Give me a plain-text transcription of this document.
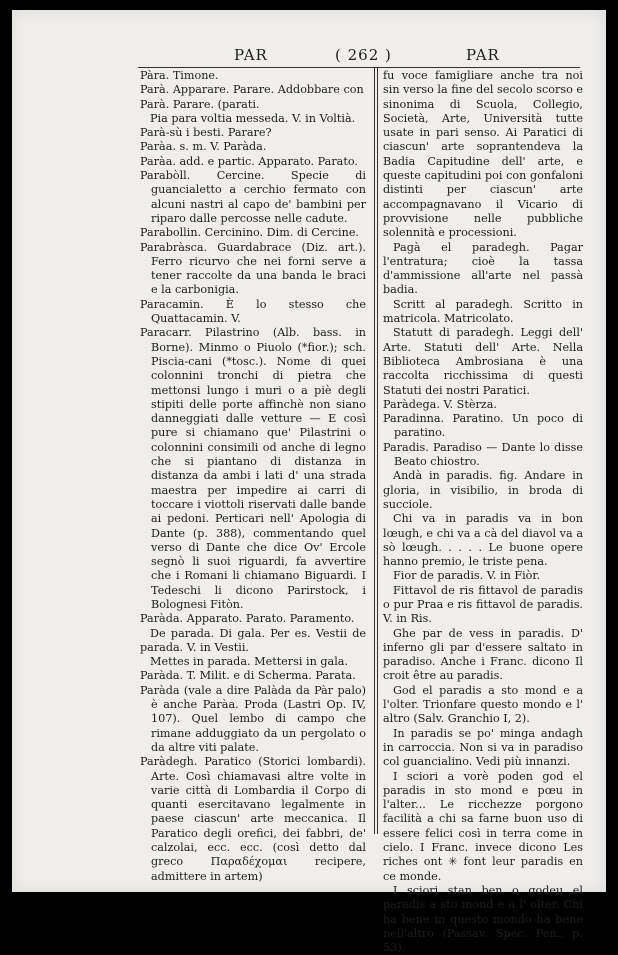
PAR	( 262 )	PAR

Pàra. Timone.

Parà. Apparare. Parare. Addobbare con

Parà. Parare. (parati.

Pia para voltia messeda. V. in Voltià.

Parà-sù i besti. Parare?

Paràa. s. m. V. Paràda.

Paràa. add. e partic. Apparato. Parato.

Parabòll. Cercine. Specie di guancialetto a cerchio fermato con alcuni nastri al capo de' bambini per riparo dalle percosse nelle cadute.

Parabollin. Cercinino. Dim. di Cercine.

Parabràsca. Guardabrace (Diz. art.). Ferro ricurvo che nei forni serve a tener raccolte da una banda le braci e la carbonigia.

Paracamin. È lo stesso che Quattacamin. V.

Paracarr. Pilastrino (Alb. bass. in Borne). Minmo o Piuolo (*fior.); sch. Piscia-cani (*tosc.). Nome di quei colonnini tronchi di pietra che mettonsi lungo i muri o a piè degli stipiti delle porte affinchè non siano danneggiati dalle vetture — E così pure si chiamano que' Pilastrini o colonnini consimili od anche di legno che si piantano di distanza in distanza da ambi i lati d' una strada maestra per impedire ai carri di toccare i viottoli riservati dalle bande ai pedoni. Perticari nell' Apologia di Dante (p. 388), commentando quel verso di Dante che dice Ov' Ercole segnò li suoi riguardi, fa avvertire che i Romani li chiamano Biguardi. I Tedeschi li dicono Parirstock, i Bolognesi Fitòn.

Paràda. Apparato. Parato. Paramento.

De parada. Di gala. Per es. Vestii de parada. V. in Vestii.

Mettes in parada. Mettersi in gala.

Paràda. T. Milit. e di Scherma. Parata.

Paràda (vale a dire Palàda da Pàr palo) è anche Paràa. Proda (Lastri Op. IV, 107). Quel lembo di campo che rimane adduggiato da un pergolato o da altre viti palate.

Paràdegh. Paratico (Storici lombardi). Arte. Così chiamavasi altre volte in varie città di Lombardia il Corpo di quanti esercitavano legalmente in paese ciascun' arte meccanica. Il Paratico degli orefici, dei fabbri, de' calzolai, ecc. ecc. (così detto dal greco Παραδέχομαι recipere, admittere in artem)

fu voce famigliare anche tra noi sin verso la fine del secolo scorso e sinonima di Scuola, Collegio, Società, Arte, Università tutte usate in pari senso. Ai Paratici di ciascun' arte soprantendeva la Badia Capitudine dell' arte, e queste capitudini poi con gonfaloni distinti per ciascun' arte accompagnavano il Vicario di provvisione nelle pubbliche solennità e processioni.

Pagà el paradegh. Pagar l'entratura; cioè la tassa d'ammissione all'arte nel passà badia.

Scritt al paradegh. Scritto in matricola. Matricolato.

Statutt di paradegh. Leggi dell' Arte. Statuti dell' Arte. Nella Biblioteca Ambrosiana è una raccolta ricchissima di questi Statuti dei nostri Paratici.

Paràdega. V. Stèrza.

Paradinna. Paratino. Un poco di paratino.

Paradis. Paradiso — Dante lo disse Beato chiostro.

Andà in paradis. fig. Andare in gloria, in visibilio, in broda di succiole.

Chi va in paradis va in bon lœugh, e chi va a cà del diavol va a sò lœugh. . . . . Le buone opere hanno premio, le triste pena.

Fior de paradis. V. in Fiòr.

Fittavol de ris fittavol de paradis o pur Praa e ris fittavol de paradis. V. in Ris.

Ghe par de vess in paradis. D' inferno gli par d'essere saltato in paradiso. Anche i Franc. dicono Il croit être au paradis.

God el paradis a sto mond e a l'olter. Trionfare questo mondo e l' altro (Salv. Granchio I, 2).

In paradis se po' minga andagh in carroccia. Non si va in paradiso col guancialino. Vedi più innanzi.

I sciori a vorè poden god el paradis in sto mond e pœu in l'alter... Le ricchezze porgono facilità a chi sa farne buon uso di essere felici così in terra come in cielo. I Franc. invece dicono Les riches ont ✳ font leur paradis en ce monde.

I sciori stan ben o godeu el paradis a sto mond e a l' olter. Chi ha bene in questo mondo ha bene nell'altro (Passav. Spec. Pen., p. 53).
